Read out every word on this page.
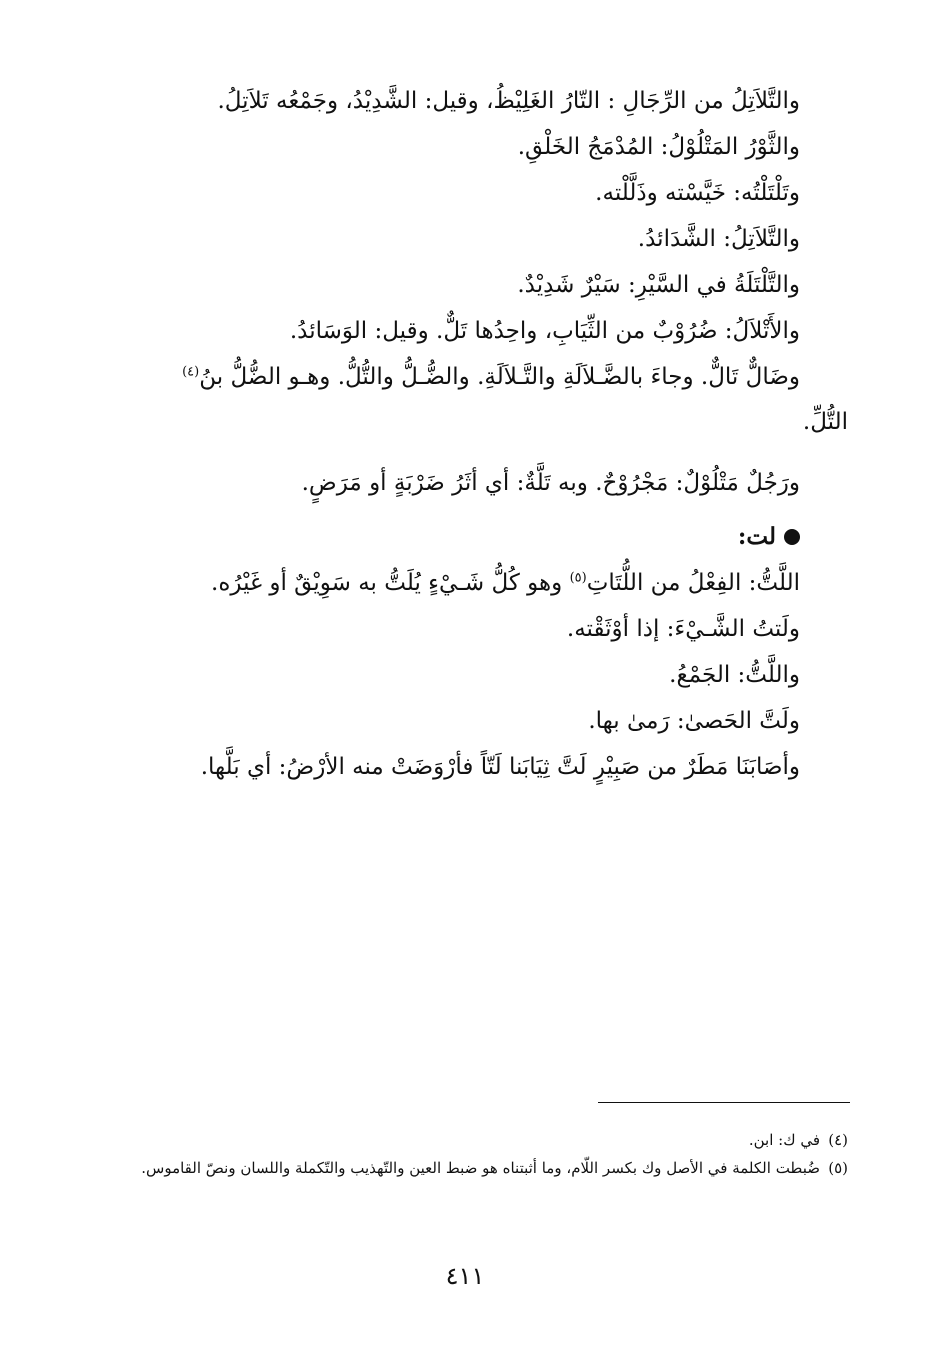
والتَّلاَتِلُ من الرِّجَالِ : التّارُ الغَلِيْظُ، وقيل: الشَّدِيْدُ، وجَمْعُه تَلاَتِلُ.
والثَّوْرُ المَتْلُوْلُ: المُدْمَجُ الخَلْقِ.
وتَلْتَلْتُه: خَيَّسْته وذَلَّلْته.
والتَّلاَتِلُ: الشَّدَائدُ.
والتَّلْتَلَةُ في السَّيْرِ: سَيْرٌ شَدِيْدٌ.
والأَتْلاَلُ: ضُرُوْبٌ من الثِّيَابِ، واحِدُها تَلٌّ. وقيل: الوَسَائدُ.
وضَالٌّ تَالٌّ. وجاءَ بالضَّـلاَلَةِ والتَّـلاَلَةِ. والضُّـلُّ والتُّلُّ. وهـو الضُّلُّ بنُ$^{(٤)}$
التُّلِّ.
ورَجُلٌ مَتْلُوْلٌ: مَجْرُوْحٌ. وبه تَلَّةٌ: أي أثَرُ ضَرْبَةٍ أو مَرَضٍ.
لت:
اللَّتُّ: الفِعْلُ من اللُّتَاتِ$^{(٥)}$ وهو كُلُّ شَـيْءٍ يُلَتُّ به سَوِيْقٌ أو غَيْرُه.
ولَتتُ الشَّـيْءَ: إذا أوْثَقْته.
واللَّتُّ: الجَمْعُ.
ولَتَّ الحَصىٰ: رَمىٰ بها.
وأصَابَنَا مَطَرٌ من صَبِيْرٍ لَتَّ ثِيَابَنا لَتّاً فأرْوَضَتْ منه الأرْضُ: أي بَلَّها.
(٤)
في ك: ابن.
(٥)
ضُبطت الكلمة في الأصل وك بكسر اللّام، وما أثبتناه هو ضبط العين والتّهذيب والتّكملة واللسان ونصّ القاموس.
٤١١
